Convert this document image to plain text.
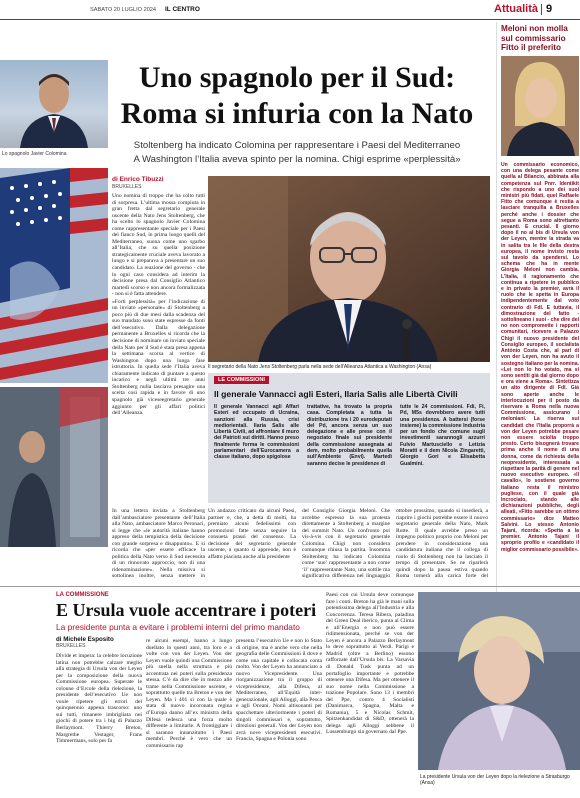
SABATO 20 LUGLIO 2024 IL CENTRO	Attualità 9
Lo spagnolo Javier Colomina
Uno spagnolo per il Sud:
Roma si infuria con la Nato
Stoltenberg ha indicato Colomina per rappresentare i Paesi del Mediterraneo
A Washington l’Italia aveva spinto per la nomina. Chigi esprime «perplessità»
di Enrico Tibuzzi
BRUXELLES

Uno nomina di troppo che ha colto tutti di sorpresa. L’ultima mossa compiuta in gran fretta dal segretario generale uscente della Nato Jens Stoltenberg, che ha scelto lo spagnolo Javier Colomina come rappresentante speciale per i Paesi del fianco Sud, in prima luogo quelli del Mediterraneo, suona come uno sgarbo all’Italia, che su quella posizione strategicamente cruciale aveva lavorato a lungo e si preparava a presentare un suo candidato. La reazione del governo - che in ogni caso considera ad interim la decisione presa dal Consiglio Atlantico martedì scorso e non ancora formalizzata - non si è fatta attendere.

«Forti perplessità» per l’indicazione di un inviato «personale» di Stoltenberg a poco più di due mesi dalla scadenza del suo mandato sono state espresse da fonti dell’esecutivo. Dalla delegazione permanente a Bruxelles si ricorda che la decisione di nominare un inviato speciale della Nato per il Sud è stata presa appena la settimana scorsa al vertice di Washington dopo una lunga fase istruttoria. In quella sede l’Italia aveva chiaramente indicato di puntare a questo incarico e negli ultimi tre anni Stoltenberg nulla lasciava presagire una scelta così rapida e in favore di uno spagnolo già viceseegretario generale aggiunto per gli affari politici dell’Alleanza.

In una lettera inviata a Stoltenberg dall’ambasciatore presentante dell’Italia alla Nato, ambasciatore Marco Peronaci, si legge che «le autorità italiane hanno appreso della tempistica della decisione con grande sorpresa e disappunto». E si ricorda che «per essere efficace la politica della Nato verso il Sud necessita di un rinnovato approccio, non di una ridenominazione». Nella missiva si sottolinea inoltre, senza mettere in

Il segretario della Nato Jens Stoltenberg parla nella sede dell’Alleanza Atlantica a Washington (Ansa)
LE COMMISSIONI
Il generale Vannacci agli Esteri, Ilaria Salis alle Libertà Civili
Il generale Vannacci agli Affari Esteri ed occupato di Ucraina, sanzioni alla Russia, crisi mediorientali. Ilaria Salis alle Libertà Civili, ad affrontare il muro dei Patrioti sui diritti. Hanno preso finalmente forma le commissioni parlamentari dell’Eurocamera a classe italiano, dopo spigolose
trattative, ha trovato la propria casa. Completata a tutta la distribuzione tra i 20 eurodeputati del Pd, ancora senza un suo delegazione e alle prese con il negoziato finale sui presidente della commissione assegnata ai dem, molto probabilmente quella sull’Ambiente (Envi). Martedì saranno decise le presidenze di
tutte le 24 commissioni. Fdi, Fi, Pd, M5s dovrebbero avere tutti una presidenza. A battersi (forse insieme) la commissione Industria per un fondo che comune sugli investimenti sarannogli azzurri Fulvio Martusciello e Letizia Moratti e il dem Nicola Zingaretti, Giorgio Gori e Elisabetta Gualmini.

Un andazzo criticato da alcuni Paesi, partner e, che, a detta di molti, ha premiato alcuni fedelissimi con promozioni fatte senza seguire la consueta prassi del consenso. La decisione del segretario generale uscente, a quanto si apprende, non è affatto piaciuta anche alla presidente

del Consiglio Giorgia Meloni. Che avrebbe espresso la sua protesta direttamente a Stoltenberg a margine del summit Nato. Un confronto poi vis-à-vis con il segretario generale Colomina. Chigi non considera comunque chiusa la partita. Insomma Stoltenberg ha indicato Colomina come ‘suo’ rappresentante a non come ‘il’ rappresentante Nato, una sottile ma significativa differenza nel linguaggio

ottobre prossimo, quando si insedierà, a riaprire i giochi potrebbe essere il nuovo segretario generale della Nato, Mark Rutte. Il quale avrebbe preso un impegno politico proprio con Meloni per prendere in considerazione una candidatura italiana che il collega di ruolo di Stoltenberg non ha lasciato il tempo di presentare. Se ne riparlerà quindi dopo la pausa estiva quando Roma tornerà alla carica forte del

Meloni non molla sul commissario Fitto il preferito
Un commissario economico, con una delega pesante come quella al Bilancio, abbinata alla competenza sul Pnrr. Identikit che rispondo a uno dei suoi ministri più fidati, quel Raffaele Fitto che comunque è restia a lasciare tranquilla a Bruxelles perché anche i dossier che segue a Roma sono altrettanto pesanti. E crucial. Il giorno dopo il no al bis di Ursula von der Leyen, mentre la strada va in salita tra le file della destra europea, il nome invisto resta sul tavolo da spendersi. Lo schema che ha in mente Giorgia Meloni non cambia. L’Italia, il ragionamento che continua a ripetere in pubblico e in privato la premier, avrà il ruolo che le spetta in Europa indipendentemente dal voto contrario di FdI. E tuttavia, il dimostrazione del fatto - sottolineano i suoi - che dire del no non compromette i rapporti comunitari, ricevere a Palazzo Chigi il nuovo presidente del Consiglio europeo, il socialista António Costa che, al pari di von der Leyen, non ha avuto il sostegno italiano per la nomina. «Lei non lo ho votato, ma si sono sentiti già dal giorno dopo e ora viene a Roma». Sintetizza un alto dirigente di FdI. Già sono aperte anche le interlocuzioni per il posto da riservare a Roma nella nuova Commissione, assicurano i meloniani. La riserva sui candidati che l’Italia proporrà a von der Leyen potrebbe pesare non essere sciolta troppo presto. Certo bisognerà trovare prima anche il nome di una donna, come da richiesta della neopresidente, interessata a rispettare la parità di genere nel nuovo esecutivo europeo. «Il cavallo», lo sostiene governo italiano resta il ministro pugliese, con il quale già Incrociato, stando alle dichiarazioni pubbliche, degli alleati, «Fitto sarebbe un ottimo commissario» dice Matteo Salvini. Lo stesso Antonio Tajani, ricorda: «Spetta a la premier. Antonio Tajani il sproprio profilo e «candidato il miglior commissario possibile».
LA COMMISSIONE
E Ursula vuole accentrare i poteri
La presidente punta a evitare i problemi interni del primo mandato
di Michele Esposito
BRUXELLES
Divide et impera: la celebre locuzione latina non potrebbe calzare meglio alla strategia di Ursula von der Leyen per la composizione della nuova Commissione europea. Superate le colonne d’Ercole della rielezione, la presidente dell’esecutivo Ue non vuole ripetere gli errori del quinquennio appena trascorso: uno sui tutti, rimanere imbrigliata nei giochi di potere tra i big di Palazzo Berlaymont. Thierry Breton, Margrethe Vestager, Frans Timmermans, solo per fa
re alcuni esempi, hanno a lungo duellato in questi anni, tra loro e a volte con von der Leyen. Von der Leyen vuole quindi una Commissione più snella nella struttura e più accentrata nei poteri sulla presidenza stessa. C’è da dire che in mezzo alle trame nella Commissione uscente, e soprattutto quelle tra Breton e von der Leyen. Ma i 401 sì con la quale è stata di nuovo incoronata regina d’Europa danno all’ex ministra della Difesa tedesca una forza molto differente a limitarle. A frontiggiare i sì saranno innanzitutto i Paesi membri. Perché è vero che un commissario rap
presenta l’esecutivo Ue e non lo Stato di origine, ma è anche vero che nella geografia delle Commissioni il dove e come una capitale è collocata conta molto. Von der Leyen ha annunciato a nuovo Vicepresidente. Una riorganizzazione tra il gruppo di vicepresidenze, alla Difesa, al Mediterraneo, all’Equità inter-generazionale, agli Alloggi, alla Pesca e agli Oceani. Nomi altisonanti per spacchettare ulteriormente i poteri di singoli commissari e, soprattutto, direzioni generali. Von der Leyen non avrà nove vicepresidenti esecutivi. Francia, Spagna e Polonia sono
Paesi con cui Ursula deve comunque fare i conti. Breton ha già le mani sulla potentissima delega all’Industria e alla Concorrenza. Teresa Ribera, paladina del Green Deal iberico, punta al Clima e all’Energia e non può essere ridimensionata, perché se von der Leyen è ancora a Palazzo Berlaymont lo deve soprattutto ai Verdi. Parigi e Madrid (oltre a Berlino) essono rafforzate dall’Ursula bis. La Varsavia di Donald Tusk punta ad un portafoglio importante e potrebbe ottenere una Difesa. Ma per ottenere il suo nome nella Commissione a trazione Popolare. Sono 13 i membri del Ppe, contro 4 Socialisti (Danimarca, Spagna, Malta e Romania), 5 e Nicolas Schmit, Spitzenkandidat di S&D, ottenerà la delega agli Alloggi sebbene il Lussemburgo sia governato dal Ppe.
La presidente Ursula von der Leyen dopo la rielezione a Strasburgo (Ansa)
